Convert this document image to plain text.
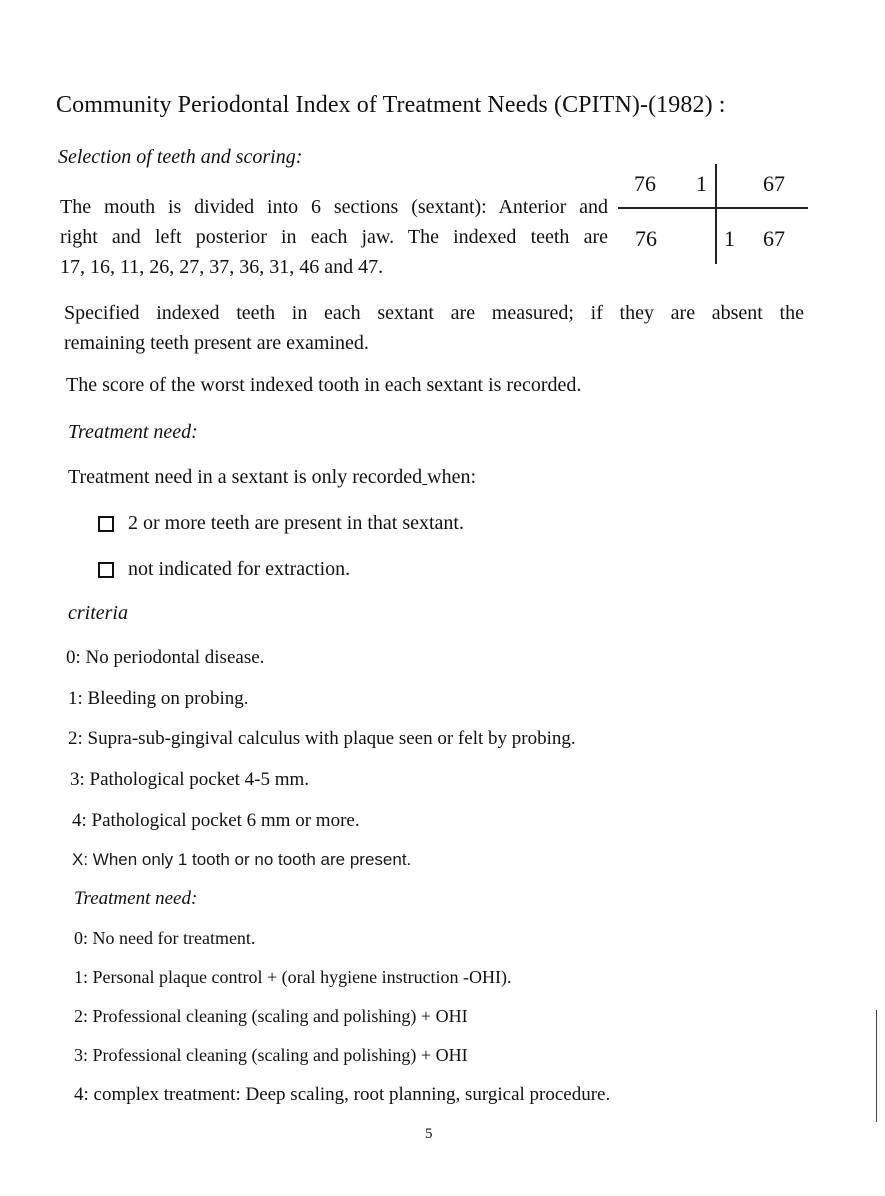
Community Periodontal Index of Treatment Needs (CPITN)-(1982) :
Selection of teeth and scoring:
The mouth is divided into 6 sections (sextant): Anterior and
right and left posterior in each jaw. The indexed teeth are
17, 16, 11, 26, 27, 37, 36, 31, 46 and 47.
76 1	67
76	1 67
Specified indexed teeth in each sextant are measured; if they are absent the
remaining teeth present are examined.
The score of the worst indexed tooth in each sextant is recorded.
Treatment need:
Treatment need in a sextant is only recorded when:
2 or more teeth are present in that sextant.
not indicated for extraction.
criteria
0: No periodontal disease.
1: Bleeding on probing.
2: Supra-sub-gingival calculus with plaque seen or felt by probing.
3: Pathological pocket 4-5 mm.
4: Pathological pocket 6 mm or more.
X: When only 1 tooth or no tooth are present.
Treatment need:
0: No need for treatment.
1: Personal plaque control + (oral hygiene instruction -OHI).
2: Professional cleaning (scaling and polishing) + OHI
3: Professional cleaning (scaling and polishing) + OHI
4: complex treatment: Deep scaling, root planning, surgical procedure.
5
